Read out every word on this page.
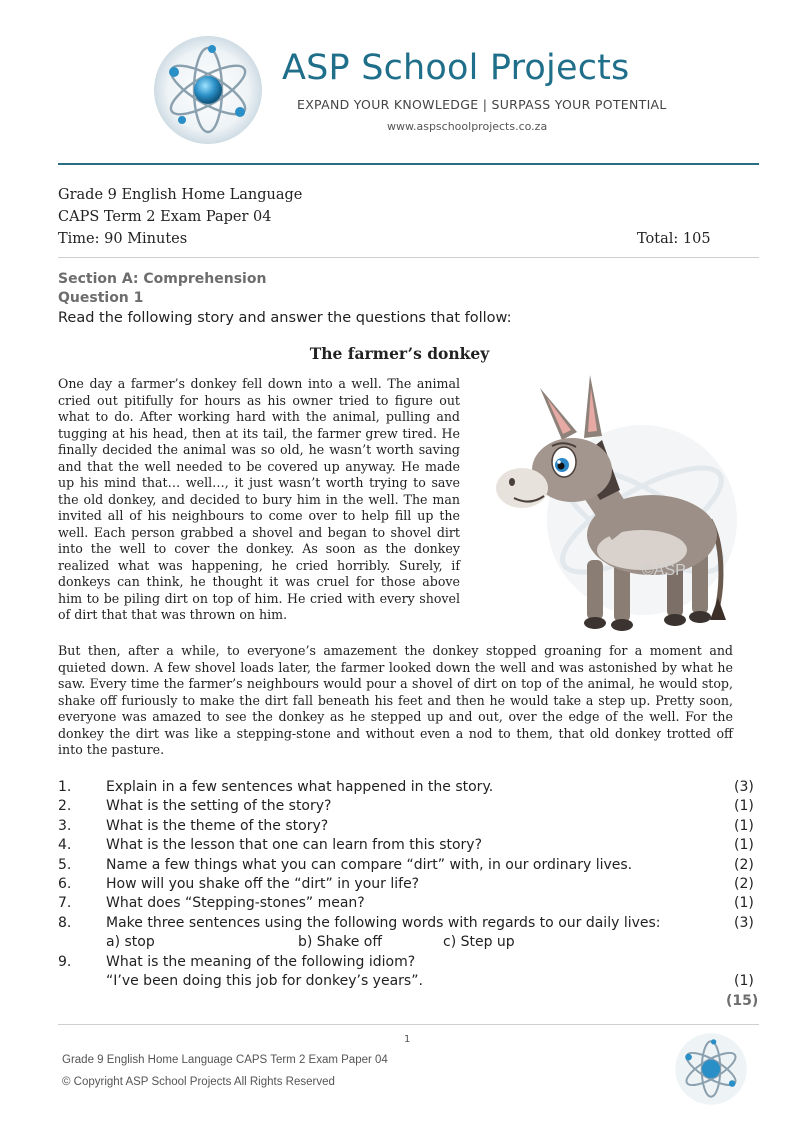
ASP School Projects
EXPAND YOUR KNOWLEDGE | SURPASS YOUR POTENTIAL
www.aspschoolprojects.co.za
Grade 9 English Home Language
CAPS Term 2 Exam Paper 04
Time: 90 Minutes	Total: 105
Section A: Comprehension
Question 1
Read the following story and answer the questions that follow:
The farmer’s donkey
One day a farmer’s donkey fell down into a well. The animal cried out pitifully for hours as his owner tried to figure out what to do. After working hard with the animal, pulling and tugging at his head, then at its tail, the farmer grew tired. He finally decided the animal was so old, he wasn’t worth saving and that the well needed to be covered up anyway. He made up his mind that… well…, it just wasn’t worth trying to save the old donkey, and decided to bury him in the well. The man invited all of his neighbours to come over to help fill up the well. Each person grabbed a shovel and began to shovel dirt into the well to cover the donkey. As soon as the donkey realized what was happening, he cried horribly. Surely, if donkeys can think, he thought it was cruel for those above him to be piling dirt on top of him. He cried with every shovel of dirt that that was thrown on him.
©ASP
But then, after a while, to everyone’s amazement the donkey stopped groaning for a moment and quieted down. A few shovel loads later, the farmer looked down the well and was astonished by what he saw. Every time the farmer’s neighbours would pour a shovel of dirt on top of the animal, he would stop, shake off furiously to make the dirt fall beneath his feet and then he would take a step up. Pretty soon, everyone was amazed to see the donkey as he stepped up and out, over the edge of the well. For the donkey the dirt was like a stepping-stone and without even a nod to them, that old donkey trotted off into the pasture.
1. Explain in a few sentences what happened in the story.	(3)
2. What is the setting of the story?	(1)
3. What is the theme of the story?	(1)
4. What is the lesson that one can learn from this story?	(1)
5. Name a few things what you can compare “dirt” with, in our ordinary lives.	(2)
6. How will you shake off the “dirt” in your life?	(2)
7. What does “Stepping-stones” mean?	(1)
8. Make three sentences using the following words with regards to our daily lives:	(3)
a) stop	b) Shake off	c) Step up
9. What is the meaning of the following idiom?
“I’ve been doing this job for donkey’s years”.	(1)
(15)
1
Grade 9 English Home Language CAPS Term 2 Exam Paper 04
© Copyright ASP School Projects All Rights Reserved
